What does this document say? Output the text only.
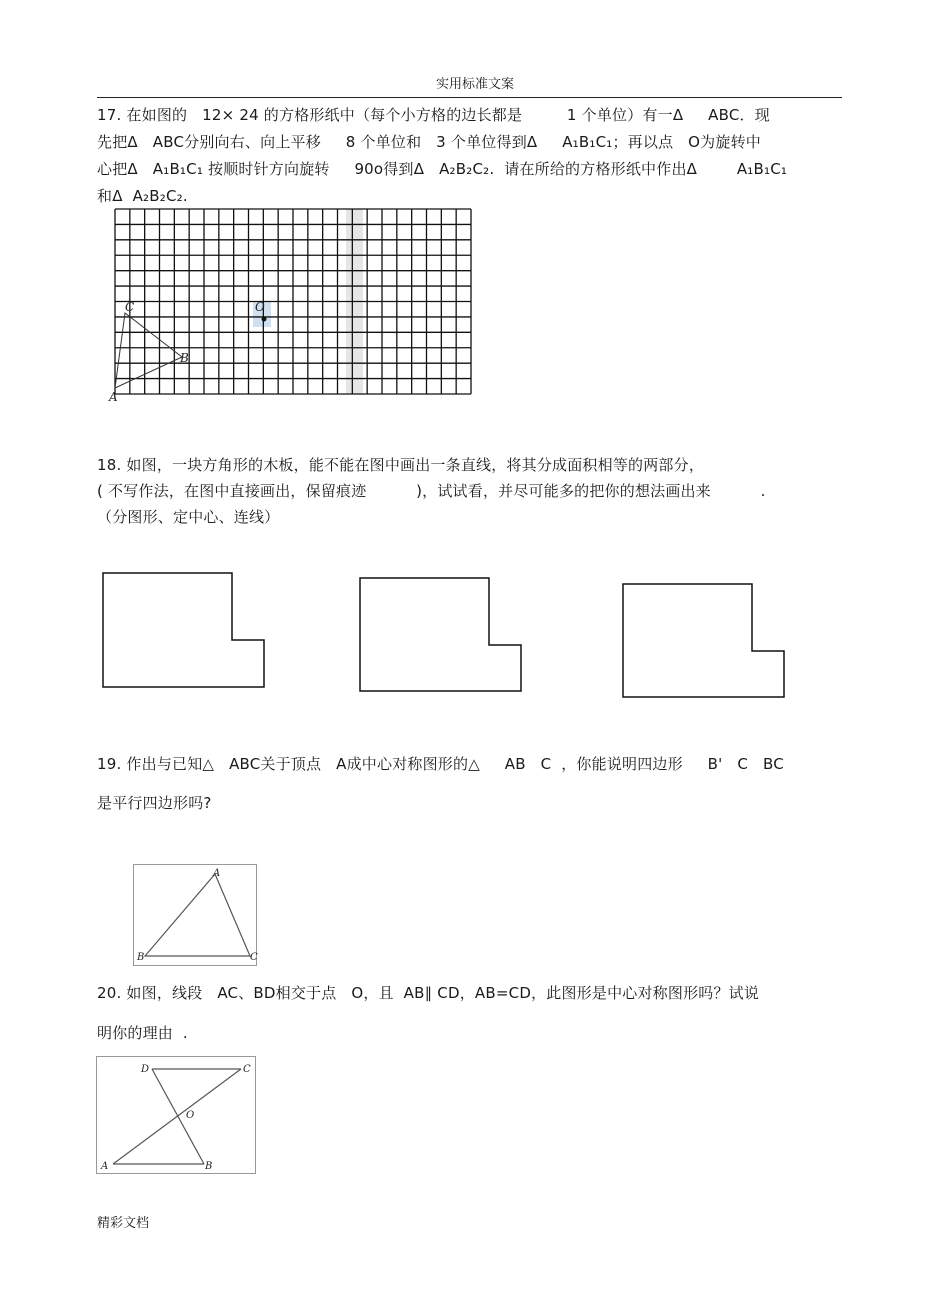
实用标准文案
17. 在如图的   12× 24 的方格形纸中（每个小方格的边长都是         1 个单位）有一Δ     ABC．现
先把Δ   ABC分别向右、向上平移     8 个单位和   3 个单位得到Δ     A₁B₁C₁；再以点   O为旋转中
心把Δ   A₁B₁C₁ 按顺时针方向旋转     90o得到Δ   A₂B₂C₂.  请在所给的方格形纸中作出Δ        A₁B₁C₁
和Δ  A₂B₂C₂.
A
B
C	O
18. 如图，一块方角形的木板，能不能在图中画出一条直线，将其分成面积相等的两部分，
( 不写作法，在图中直接画出，保留痕迹          )，试试看，并尽可能多的把你的想法画出来          .
（分图形、定中心、连线）
19. 作出与已知△   ABC关于顶点   A成中心对称图形的△     AB   C  ，你能说明四边形     B'   C   BC
是平行四边形吗?
A
B	C
20. 如图，线段   AC、BD相交于点   O，且  AB∥ CD，AB=CD，此图形是中心对称图形吗？试说
明你的理由  .
A	B
C
D
O
精彩文档
